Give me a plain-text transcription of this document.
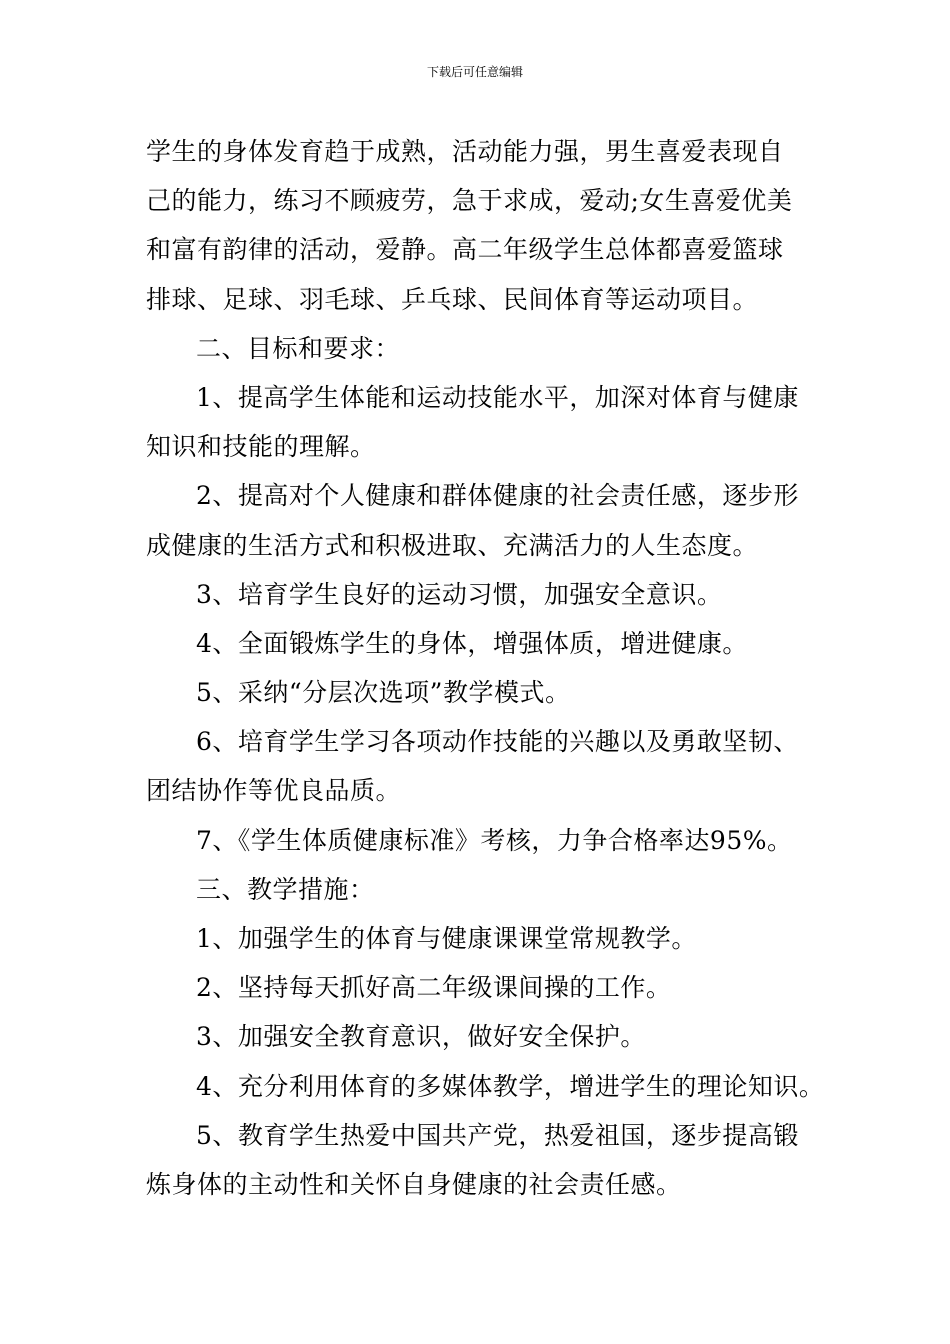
下载后可任意编辑
学生的身体发育趋于成熟，活动能力强，男生喜爱表现自
己的能力，练习不顾疲劳，急于求成，爱动;女生喜爱优美
和富有韵律的活动，爱静。高二年级学生总体都喜爱篮球
排球、足球、羽毛球、乒乓球、民间体育等运动项目。
二、目标和要求：
1、提高学生体能和运动技能水平，加深对体育与健康
知识和技能的理解。
2、提高对个人健康和群体健康的社会责任感，逐步形
成健康的生活方式和积极进取、充满活力的人生态度。
3、培育学生良好的运动习惯，加强安全意识。
4、全面锻炼学生的身体，增强体质，增进健康。
5、采纳“分层次选项”教学模式。
6、培育学生学习各项动作技能的兴趣以及勇敢坚韧、
团结协作等优良品质。
7、《学生体质健康标准》考核，力争合格率达95%。
三、教学措施：
1、加强学生的体育与健康课课堂常规教学。
2、坚持每天抓好高二年级课间操的工作。
3、加强安全教育意识，做好安全保护。
4、充分利用体育的多媒体教学，增进学生的理论知识。
5、教育学生热爱中国共产党，热爱祖国，逐步提高锻
炼身体的主动性和关怀自身健康的社会责任感。
